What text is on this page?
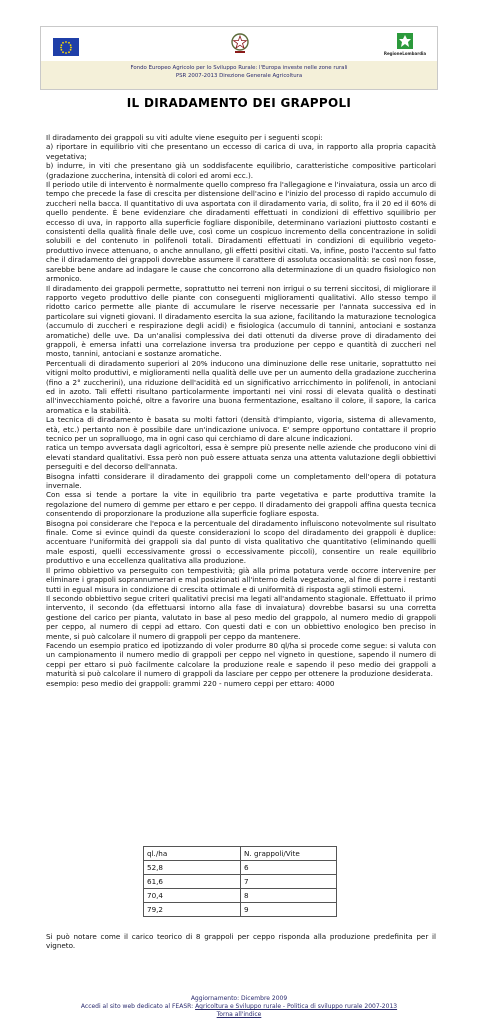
RegioneLombardia
Fondo Europeo Agricolo per lo Sviluppo Rurale: l'Europa investe nelle zone rurali
PSR 2007-2013 Direzione Generale Agricoltura
IL DIRADAMENTO DEI GRAPPOLI

Il diradamento dei grappoli su viti adulte viene eseguito per i seguenti scopi:

a) riportare in equilibrio viti che presentano un eccesso di carica di uva, in rapporto alla propria capacità vegetativa;

b) indurre, in viti che presentano già un soddisfacente equilibrio, caratteristiche compositive particolari (gradazione zuccherina, intensità di colori ed aromi ecc.).

Il periodo utile di intervento è normalmente quello compreso fra l'allegagione e l'invaiatura, ossia un arco di tempo che precede la fase di crescita per distensione dell'acino e l'inizio del processo di rapido accumulo di zuccheri nella bacca. Il quantitativo di uva asportata con il diradamento varia, di solito, fra il 20 ed il 60% di quello pendente. È bene evidenziare che diradamenti effettuati in condizioni di effettivo squilibrio per eccesso di uva, in rapporto alla superficie fogliare disponibile, determinano variazioni piuttosto costanti e consistenti della qualità finale delle uve, così come un cospicuo incremento della concentrazione in solidi solubili e del contenuto in polifenoli totali. Diradamenti effettuati in condizioni di equilibrio vegeto-produttivo invece attenuano, o anche annullano, gli effetti positivi citati. Va, infine, posto l'accento sul fatto che il diradamento dei grappoli dovrebbe assumere il carattere di assoluta occasionalità: se così non fosse, sarebbe bene andare ad indagare le cause che concorrono alla determinazione di un quadro fisiologico non armonico.

Il diradamento dei grappoli permette, soprattutto nei terreni non irrigui o su terreni siccitosi, di migliorare il rapporto vegeto produttivo delle piante con conseguenti miglioramenti qualitativi. Allo stesso tempo il ridotto carico permette alle piante di accumulare le riserve necessarie per l'annata successiva ed in particolare sui vigneti giovani. Il diradamento esercita la sua azione, facilitando la maturazione tecnologica (accumulo di zuccheri e respirazione degli acidi) e fisiologica (accumulo di tannini, antociani e sostanza aromatiche) delle uve. Da un'analisi complessiva dei dati ottenuti da diverse prove di diradamento dei grappoli, è emersa infatti una correlazione inversa tra produzione per ceppo e quantità di zuccheri nel mosto, tannini, antociani e sostanze aromatiche.

Percentuali di diradamento superiori al 20% inducono una diminuzione delle rese unitarie, soprattutto nei vitigni molto produttivi, e miglioramenti nella qualità delle uve per un aumento della gradazione zuccherina (fino a 2° zuccherini), una riduzione dell'acidità ed un significativo arricchimento in polifenoli, in antociani ed in azoto. Tali effetti risultano particolarmente importanti nei vini rossi di elevata qualità o destinati all'invecchiamento poiché, oltre a favorire una buona fermentazione, esaltano il colore, il sapore, la carica aromatica e la stabilità.

La tecnica di diradamento è basata su molti fattori (densità d'impianto, vigoria, sistema di allevamento, età, etc.) pertanto non è possibile dare un'indicazione univoca. E' sempre opportuno contattare il proprio tecnico per un sopralluogo, ma in ogni caso qui cerchiamo di dare alcune indicazioni.

ratica un tempo avversata dagli agricoltori, essa è sempre più presente nelle aziende che producono vini di elevati standard qualitativi. Essa però non può essere attuata senza una attenta valutazione degli obbiettivi perseguiti e del decorso dell'annata.

Bisogna infatti considerare il diradamento dei grappoli come un completamento dell'opera di potatura invernale.

Con essa si tende a portare la vite in equilibrio tra parte vegetativa e parte produttiva tramite la regolazione del numero di gemme per ettaro e per ceppo. Il diradamento dei grappoli affina questa tecnica consentendo di proporzionare la produzione alla superficie fogliare esposta.

Bisogna poi considerare che l'epoca e la percentuale del diradamento influiscono notevolmente sul risultato finale. Come si evince quindi da queste considerazioni lo scopo del diradamento dei grappoli è duplice: accentuare l'uniformità dei grappoli sia dal punto di vista qualitativo che quantitativo (eliminando quelli male esposti, quelli eccessivamente grossi o eccessivamente piccoli), consentire un reale equilibrio produttivo e una eccellenza qualitativa alla produzione.

Il primo obbiettivo va perseguito con tempestività; già alla prima potatura verde occorre intervenire per eliminare i grappoli soprannumerari e mal posizionati all'interno della vegetazione, al fine di porre i restanti tutti in egual misura in condizione di crescita ottimale e di uniformità di risposta agli stimoli esterni.

Il secondo obbiettivo segue criteri qualitativi precisi ma legati all'andamento stagionale. Effettuato il primo intervento, il secondo (da effettuarsi intorno alla fase di invaiatura) dovrebbe basarsi su una corretta gestione del carico per pianta, valutato in base al peso medio del grappolo, al numero medio di grappoli per ceppo, al numero di ceppi ad ettaro. Con questi dati e con un obbiettivo enologico ben preciso in mente, si può calcolare il numero di grappoli per ceppo da mantenere.

Facendo un esempio pratico ed ipotizzando di voler produrre 80 ql/ha si procede come segue: si valuta con un campionamento il numero medio di grappoli per ceppo nel vigneto in questione, sapendo il numero di ceppi per ettaro si può facilmente calcolare la produzione reale e sapendo il peso medio dei grappoli a maturità si può calcolare il numero di grappoli da lasciare per ceppo per ottenere la produzione desiderata.

esempio: peso medio dei grappoli: grammi 220 - numero ceppi per ettaro: 4000

ql./ha	N. grappoli/Vite
52,8	6
61,6	7
70,4	8
79,2	9
Si può notare come il carico teorico di 8 grappoli per ceppo risponda alla produzione predefinita per il vigneto.
Aggiornamento: Dicembre 2009
Accedi al sito web dedicato al FEASR: Agricoltura e Sviluppo rurale - Politica di sviluppo rurale 2007-2013
Torna all'indice
